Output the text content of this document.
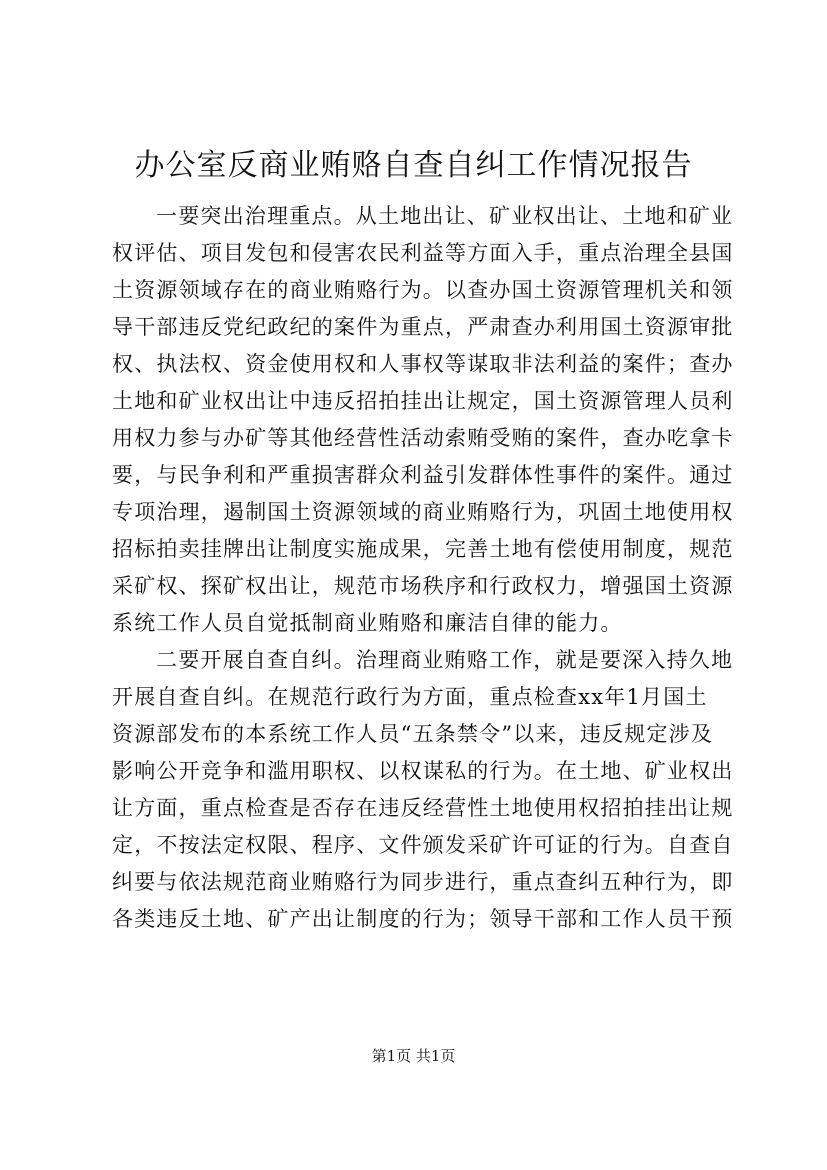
办公室反商业贿赂自查自纠工作情况报告
一要突出治理重点。从土地出让、矿业权出让、土地和矿业
权评估、项目发包和侵害农民利益等方面入手，重点治理全县国
土资源领域存在的商业贿赂行为。以查办国土资源管理机关和领
导干部违反党纪政纪的案件为重点，严肃查办利用国土资源审批
权、执法权、资金使用权和人事权等谋取非法利益的案件；查办
土地和矿业权出让中违反招拍挂出让规定，国土资源管理人员利
用权力参与办矿等其他经营性活动索贿受贿的案件，查办吃拿卡
要，与民争利和严重损害群众利益引发群体性事件的案件。通过
专项治理，遏制国土资源领域的商业贿赂行为，巩固土地使用权
招标拍卖挂牌出让制度实施成果，完善土地有偿使用制度，规范
采矿权、探矿权出让，规范市场秩序和行政权力，增强国土资源
系统工作人员自觉抵制商业贿赂和廉洁自律的能力。
二要开展自查自纠。治理商业贿赂工作，就是要深入持久地
开展自查自纠。在规范行政行为方面，重点检查xx年1月国土
资源部发布的本系统工作人员“五条禁令”以来，违反规定涉及
影响公开竞争和滥用职权、以权谋私的行为。在土地、矿业权出
让方面，重点检查是否存在违反经营性土地使用权招拍挂出让规
定，不按法定权限、程序、文件颁发采矿许可证的行为。自查自
纠要与依法规范商业贿赂行为同步进行，重点查纠五种行为，即
各类违反土地、矿产出让制度的行为；领导干部和工作人员干预
第1页 共1页
